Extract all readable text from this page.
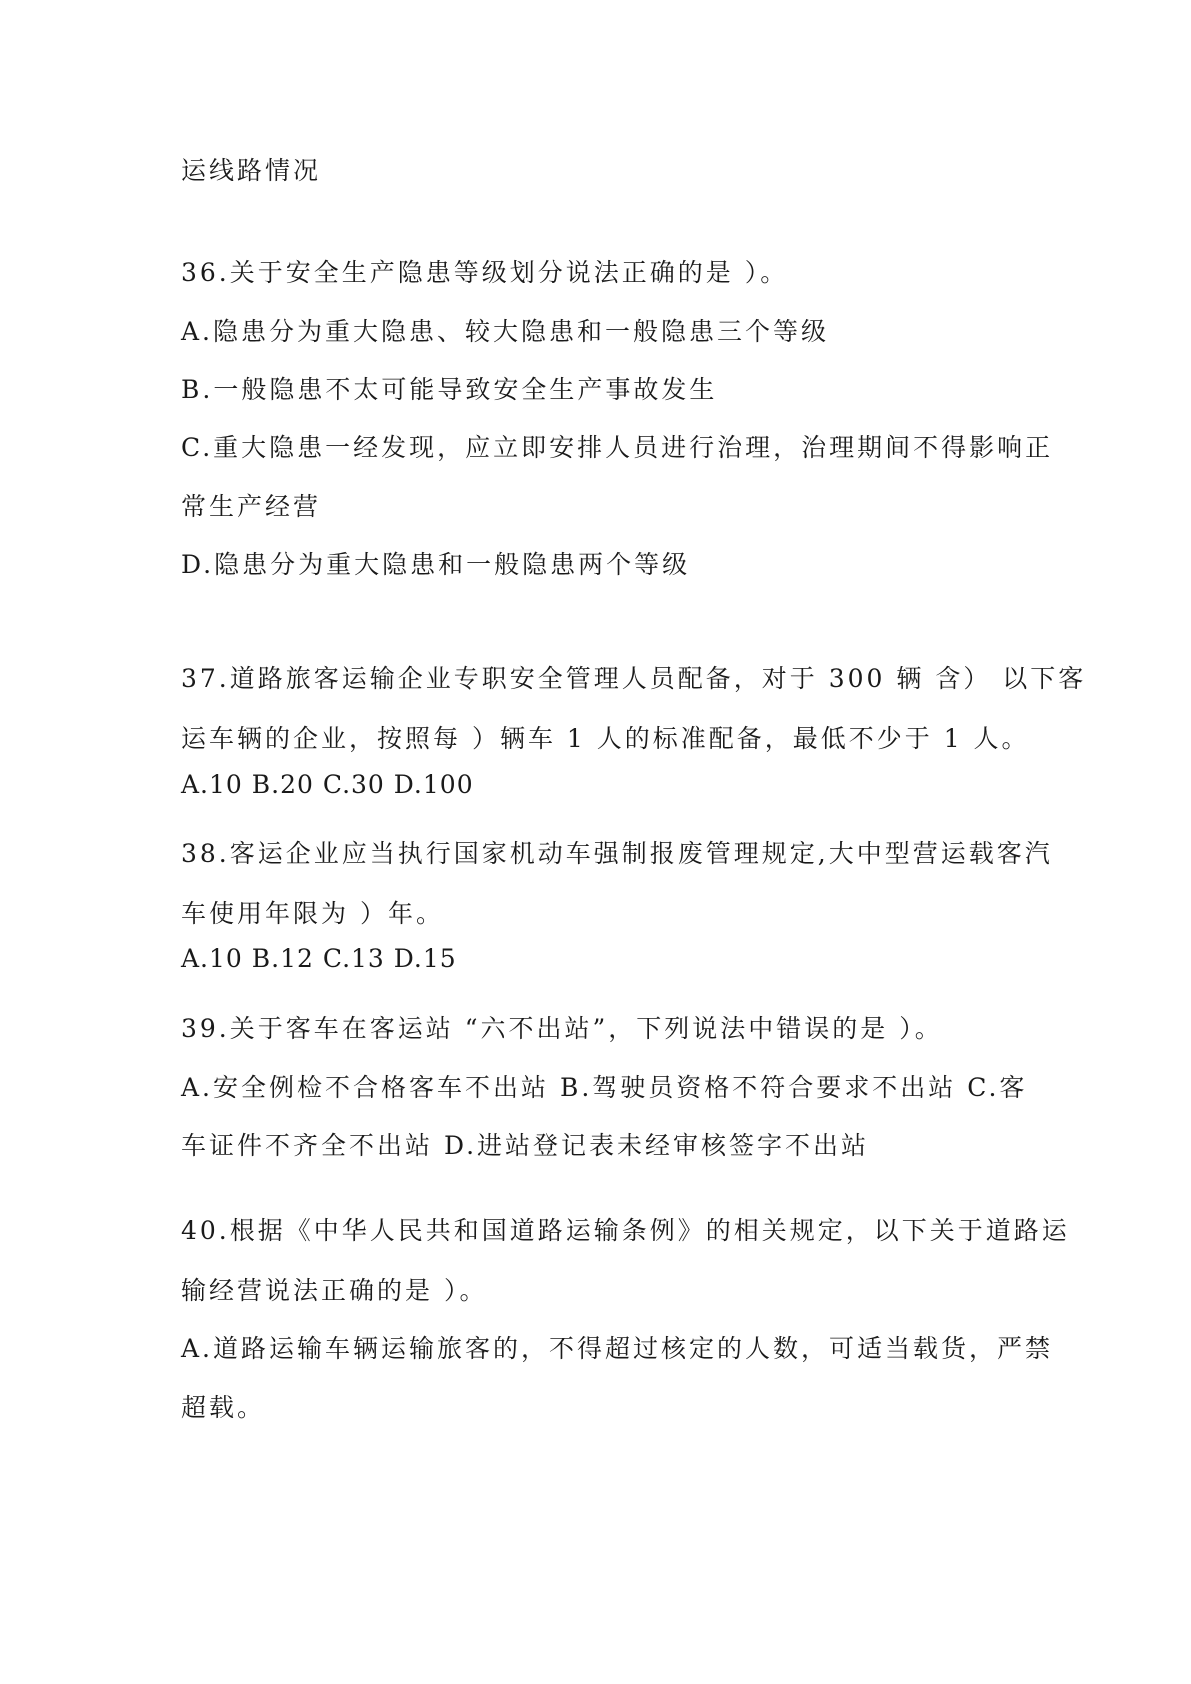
运线路情况
36.关于安全生产隐患等级划分说法正确的是 ）。
A.隐患分为重大隐患、较大隐患和一般隐患三个等级
B.一般隐患不太可能导致安全生产事故发生
C.重大隐患一经发现，应立即安排人员进行治理，治理期间不得影响正
常生产经营
D.隐患分为重大隐患和一般隐患两个等级
37.道路旅客运输企业专职安全管理人员配备，对于 300 辆 含） 以下客
运车辆的企业，按照每 ）辆车 1 人的标准配备，最低不少于 1 人。
A.10 B.20 C.30 D.100
38.客运企业应当执行国家机动车强制报废管理规定,大中型营运载客汽
车使用年限为 ）年。
A.10 B.12 C.13 D.15
39.关于客车在客运站 “六不出站”，下列说法中错误的是 ）。
A.安全例检不合格客车不出站 B.驾驶员资格不符合要求不出站 C.客
车证件不齐全不出站 D.进站登记表未经审核签字不出站
40.根据《中华人民共和国道路运输条例》的相关规定，以下关于道路运
输经营说法正确的是 ）。
A.道路运输车辆运输旅客的，不得超过核定的人数，可适当载货，严禁
超载。
